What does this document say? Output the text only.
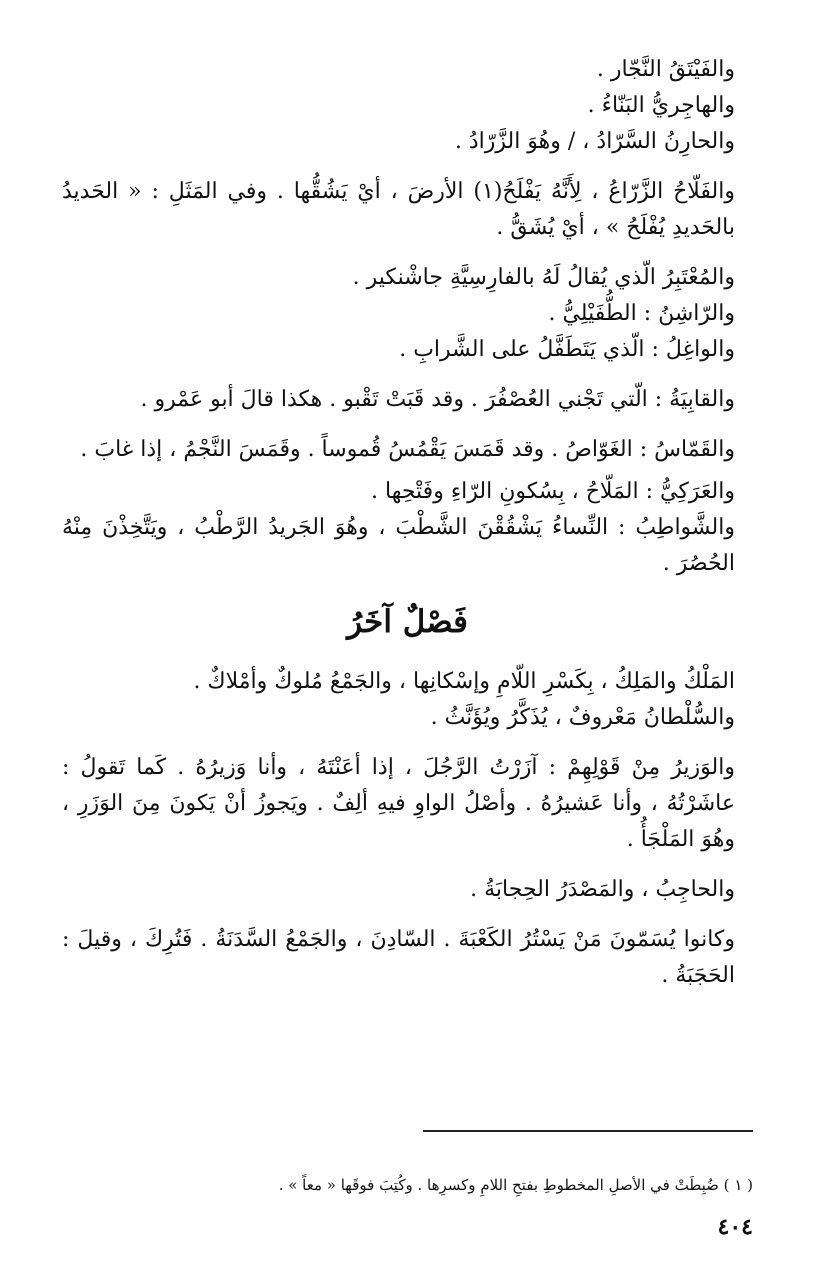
والفَيْتَقُ النَّجّار .

والهاجِريُّ البَنّاءُ .

والحارِنُ السَّرّادُ ، / وهُوَ الزَّرّادُ .

والفَلّاحُ الزَّرّاعُ ، لِأَنَّهُ يَفْلَحُ(١) الأرضَ ، أيْ يَشُقُّها . وفي المَثَلِ : « الحَديدُ بالحَديدِ يُفْلَحُ » ، أيْ يُشَقُّ .

والمُعْتَبِرُ الّذي يُقالُ لَهُ بالفارِسِيَّةِ جاشْنكير .

والرّاشِنُ : الطُّفَيْلِيُّ .

والواغِلُ : الّذي يَتَطَفَّلُ على الشَّرابِ .

والقابِيَةُ : الّتي تَجْني العُصْفُرَ . وقد قَبَتْ تَقْبو . هكذا قالَ أبو عَمْرو .

والقَمّاسُ : الغَوّاصُ . وقد قَمَسَ يَقْمُسُ قُموساً . وقَمَسَ النَّجْمُ ، إذا غابَ .

والعَرَكِيُّ : المَلّاحُ ، بِسُكونِ الرّاءِ وفَتْحِها .

والشَّواطِبُ : النِّساءُ يَشْقُقْنَ الشَّطْبَ ، وهُوَ الجَريدُ الرَّطْبُ ، ويَتَّخِذْنَ مِنْهُ الحُصُرَ .

فَصْلٌ آخَرُ

المَلْكُ والمَلِكُ ، بِكَسْرِ اللّامِ وإسْكانِها ، والجَمْعُ مُلوكٌ وأمْلاكٌ .

والسُّلْطانُ مَعْروفٌ ، يُذَكَّرُ ويُؤَنَّثُ .

والوَزيرُ مِنْ قَوْلِهِمْ : آزَرْتُ الرَّجُلَ ، إذا أعَنْتَهُ ، وأنا وَزيرُهُ . كَما تَقولُ : عاشَرْتُهُ ، وأنا عَشيرُهُ . وأصْلُ الواوِ فيهِ ألِفٌ . ويَجوزُ أنْ يَكونَ مِنَ الوَزَرِ ، وهُوَ المَلْجَأُ .

والحاجِبُ ، والمَصْدَرُ الحِجابَةُ .

وكانوا يُسَمّونَ مَنْ يَسْتُرُ الكَعْبَةَ . السّادِنَ ، والجَمْعُ السَّدَنَةُ . فَتُرِكَ ، وقيلَ : الحَجَبَةُ .

( ١ ) ضُبِطَتْ في الأصلِ المخطوطِ بفتحِ اللامِ وكسرِها . وكُتِبَ فوقَها « معاً » .

٤٠٤
